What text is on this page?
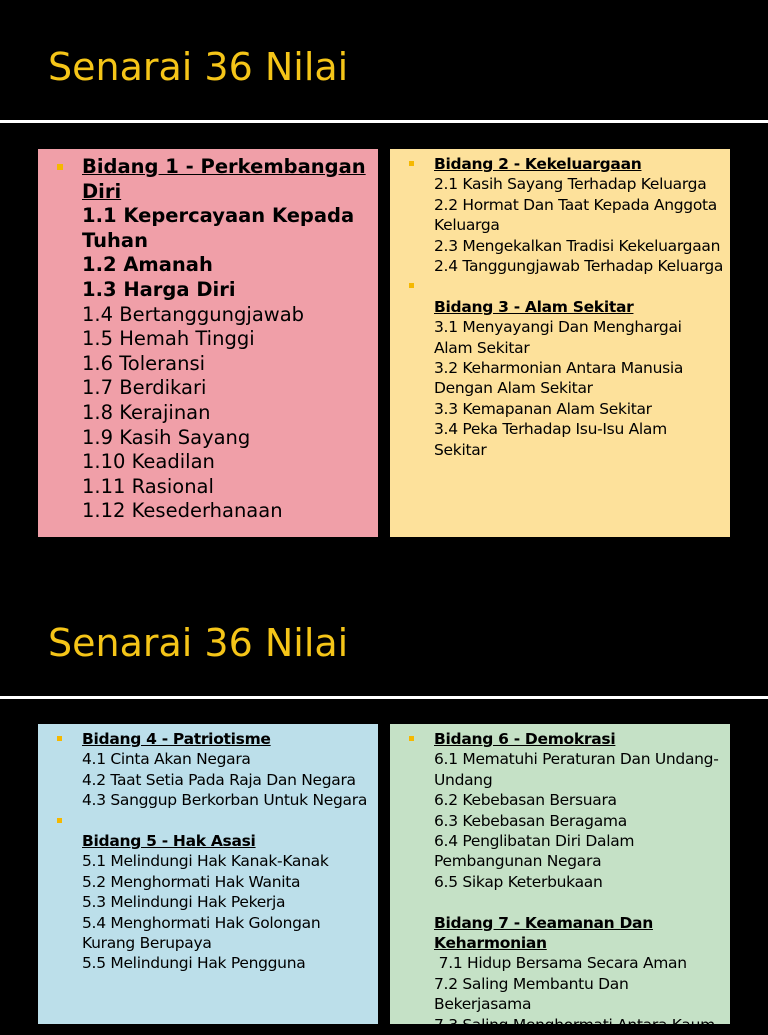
Senarai 36 Nilai
Bidang 1 - Perkembangan Diri
1.1 Kepercayaan Kepada Tuhan
1.2 Amanah
1.3 Harga Diri
1.4 Bertanggungjawab
1.5 Hemah Tinggi
1.6 Toleransi
1.7 Berdikari
1.8 Kerajinan
1.9 Kasih Sayang
1.10 Keadilan
1.11 Rasional
1.12 Kesederhanaan
Bidang 2 - Kekeluargaan
2.1 Kasih Sayang Terhadap Keluarga
2.2 Hormat Dan Taat Kepada Anggota Keluarga
2.3 Mengekalkan Tradisi Kekeluargaan
2.4 Tanggungjawab Terhadap Keluarga
Bidang 3 - Alam Sekitar
3.1 Menyayangi Dan Menghargai Alam Sekitar
3.2 Keharmonian Antara Manusia Dengan Alam Sekitar
3.3 Kemapanan Alam Sekitar
3.4 Peka Terhadap Isu-Isu Alam Sekitar
Senarai 36 Nilai
Bidang 4 - Patriotisme
4.1 Cinta Akan Negara
4.2 Taat Setia Pada Raja Dan Negara
4.3 Sanggup Berkorban Untuk Negara
Bidang 5 - Hak Asasi
5.1 Melindungi Hak Kanak-Kanak
5.2 Menghormati Hak Wanita
5.3 Melindungi Hak Pekerja
5.4 Menghormati Hak Golongan Kurang Berupaya
5.5 Melindungi Hak Pengguna
Bidang 6 - Demokrasi
6.1 Mematuhi Peraturan Dan Undang-Undang
6.2 Kebebasan Bersuara
6.3 Kebebasan Beragama
6.4 Penglibatan Diri Dalam Pembangunan Negara
6.5 Sikap Keterbukaan
Bidang 7 - Keamanan Dan Keharmonian
7.1 Hidup Bersama Secara Aman
7.2 Saling Membantu Dan Bekerjasama
7.3 Saling Menghormati Antara Kaum
